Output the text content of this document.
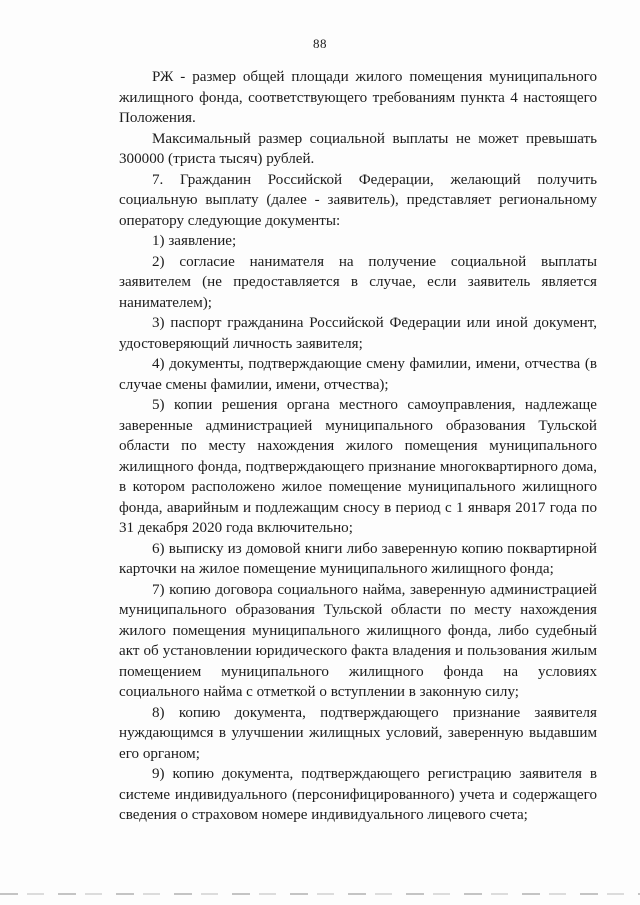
88

РЖ - размер общей площади жилого помещения муниципального жилищного фонда, соответствующего требованиям пункта 4 настоящего Положения.

Максимальный размер социальной выплаты не может превышать 300000 (триста тысяч) рублей.

7. Гражданин Российской Федерации, желающий получить социальную выплату (далее - заявитель), представляет региональному оператору следующие документы:

1) заявление;

2) согласие нанимателя на получение социальной выплаты заявителем (не предоставляется в случае, если заявитель является нанимателем);

3) паспорт гражданина Российской Федерации или иной документ, удостоверяющий личность заявителя;

4) документы, подтверждающие смену фамилии, имени, отчества (в случае смены фамилии, имени, отчества);

5) копии решения органа местного самоуправления, надлежаще заверенные администрацией муниципального образования Тульской области по месту нахождения жилого помещения муниципального жилищного фонда, подтверждающего признание многоквартирного дома, в котором расположено жилое помещение муниципального жилищного фонда, аварийным и подлежащим сносу в период с 1 января 2017 года по 31 декабря 2020 года включительно;

6) выписку из домовой книги либо заверенную копию поквартирной карточки на жилое помещение муниципального жилищного фонда;

7) копию договора социального найма, заверенную администрацией муниципального образования Тульской области по месту нахождения жилого помещения муниципального жилищного фонда, либо судебный акт об установлении юридического факта владения и пользования жилым помещением муниципального жилищного фонда на условиях социального найма с отметкой о вступлении в законную силу;

8) копию документа, подтверждающего признание заявителя нуждающимся в улучшении жилищных условий, заверенную выдавшим его органом;

9) копию документа, подтверждающего регистрацию заявителя в системе индивидуального (персонифицированного) учета и содержащего сведения о страховом номере индивидуального лицевого счета;
